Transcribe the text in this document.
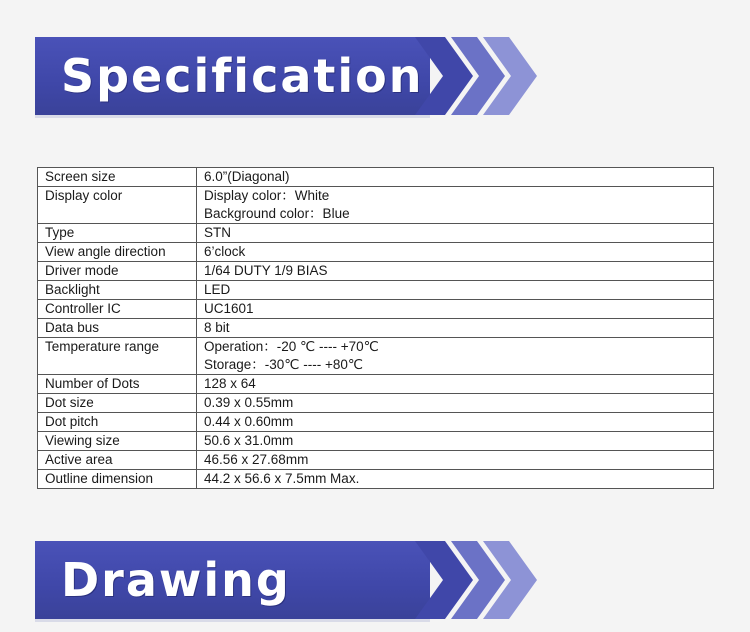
Specification
Screen size	6.0”(Diagonal)

Display color	Display color：White
Background color：Blue

Type	STN

View angle direction	6’clock

Driver mode	1/64 DUTY 1/9 BIAS

Backlight	LED

Controller IC	UC1601

Data bus	8 bit

Temperature range	Operation：-20 ℃ ---- +70℃
Storage：-30℃ ---- +80℃

Number of Dots	128 x 64

Dot size	0.39 x 0.55mm

Dot pitch	0.44 x 0.60mm

Viewing size	50.6 x 31.0mm

Active area	46.56 x 27.68mm

Outline dimension	44.2 x 56.6 x 7.5mm Max.
Drawing
